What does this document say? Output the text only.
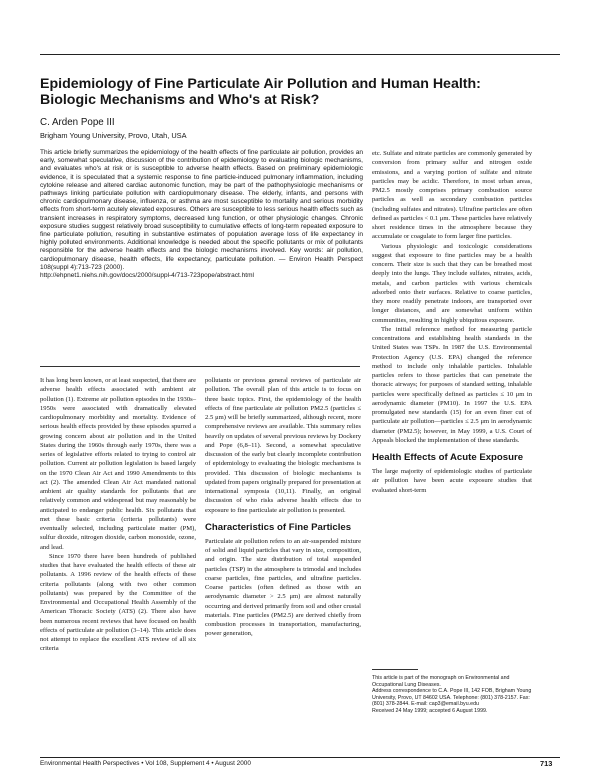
Epidemiology of Fine Particulate Air Pollution and Human Health: Biologic Mechanisms and Who's at Risk?
C. Arden Pope III
Brigham Young University, Provo, Utah, USA

This article briefly summarizes the epidemiology of the health effects of fine particulate air pollution, provides an early, somewhat speculative, discussion of the contribution of epidemiology to evaluating biologic mechanisms, and evaluates who's at risk or is susceptible to adverse health effects. Based on preliminary epidemiologic evidence, it is speculated that a systemic response to fine particle-induced pulmonary inflammation, including cytokine release and altered cardiac autonomic function, may be part of the pathophysiologic mechanisms or pathways linking particulate pollution with cardiopulmonary disease. The elderly, infants, and persons with chronic cardiopulmonary disease, influenza, or asthma are most susceptible to mortality and serious morbidity effects from short-term acutely elevated exposures. Others are susceptible to less serious health effects such as transient increases in respiratory symptoms, decreased lung function, or other physiologic changes. Chronic exposure studies suggest relatively broad susceptibility to cumulative effects of long-term repeated exposure to fine particulate pollution, resulting in substantive estimates of population average loss of life expectancy in highly polluted environments. Additional knowledge is needed about the specific pollutants or mix of pollutants responsible for the adverse health effects and the biologic mechanisms involved. Key words: air pollution, cardiopulmonary disease, health effects, life expectancy, particulate pollution. — Environ Health Perspect 108(suppl 4):713-723 (2000).

http://ehpnet1.niehs.nih.gov/docs/2000/suppl-4/713-723pope/abstract.html

It has long been known, or at least suspected, that there are adverse health effects associated with ambient air pollution (1). Extreme air pollution episodes in the 1930s–1950s were associated with dramatically elevated cardiopulmonary morbidity and mortality. Evidence of serious health effects provided by these episodes spurred a growing concern about air pollution and in the United States during the 1960s through early 1970s, there was a series of legislative efforts related to trying to control air pollution. Current air pollution legislation is based largely on the 1970 Clean Air Act and 1990 Amendments to this act (2). The amended Clean Air Act mandated national ambient air quality standards for pollutants that are relatively common and widespread but may reasonably be anticipated to endanger public health. Six pollutants that met these basic criteria (criteria pollutants) were eventually selected, including particulate matter (PM), sulfur dioxide, nitrogen dioxide, carbon monoxide, ozone, and lead.

Since 1970 there have been hundreds of published studies that have evaluated the health effects of these air pollutants. A 1996 review of the health effects of these criteria pollutants (along with two other common pollutants) was prepared by the Committee of the Environmental and Occupational Health Assembly of the American Thoracic Society (ATS) (2). There also have been numerous recent reviews that have focused on health effects of particulate air pollution (3–14). This article does not attempt to replace the excellent ATS review of all six criteria

pollutants or previous general reviews of particulate air pollution. The overall plan of this article is to focus on three basic topics. First, the epidemiology of the health effects of fine particulate air pollution PM2.5 (particles ≤ 2.5 μm) will be briefly summarized, although recent, more comprehensive reviews are available. This summary relies heavily on updates of several previous reviews by Dockery and Pope (6,8–11). Second, a somewhat speculative discussion of the early but clearly incomplete contribution of epidemiology to evaluating the biologic mechanisms is provided. This discussion of biologic mechanisms is updated from papers originally prepared for presentation at international symposia (10,11). Finally, an original discussion of who risks adverse health effects due to exposure to fine particulate air pollution is presented.

Characteristics of Fine Particles

Particulate air pollution refers to an air-suspended mixture of solid and liquid particles that vary in size, composition, and origin. The size distribution of total suspended particles (TSP) in the atmosphere is trimodal and includes coarse particles, fine particles, and ultrafine particles. Coarse particles (often defined as those with an aerodynamic diameter > 2.5 μm) are almost naturally occurring and derived primarily from soil and other crustal materials. Fine particles (PM2.5) are derived chiefly from combustion processes in transportation, manufacturing, power generation,

etc. Sulfate and nitrate particles are commonly generated by conversion from primary sulfur and nitrogen oxide emissions, and a varying portion of sulfate and nitrate particles may be acidic. Therefore, in most urban areas, PM2.5 mostly comprises primary combustion source particles as well as secondary combustion particles (including sulfates and nitrates). Ultrafine particles are often defined as particles < 0.1 μm. These particles have relatively short residence times in the atmosphere because they accumulate or coagulate to form larger fine particles.

Various physiologic and toxicologic considerations suggest that exposure to fine particles may be a health concern. Their size is such that they can be breathed most deeply into the lungs. They include sulfates, nitrates, acids, metals, and carbon particles with various chemicals adsorbed onto their surfaces. Relative to coarse particles, they more readily penetrate indoors, are transported over longer distances, and are somewhat uniform within communities, resulting in highly ubiquitous exposure.

The initial reference method for measuring particle concentrations and establishing health standards in the United States was TSPs. In 1987 the U.S. Environmental Protection Agency (U.S. EPA) changed the reference method to include only inhalable particles. Inhalable particles refers to those particles that can penetrate the thoracic airways; for purposes of standard setting, inhalable particles were specifically defined as particles ≤ 10 μm in aerodynamic diameter (PM10). In 1997 the U.S. EPA promulgated new standards (15) for an even finer cut of particulate air pollution—particles ≤ 2.5 μm in aerodynamic diameter (PM2.5); however, in May 1999, a U.S. Court of Appeals blocked the implementation of these standards.

Health Effects of Acute Exposure

The large majority of epidemiologic studies of particulate air pollution have been acute exposure studies that evaluated short-term

This article is part of the monograph on Environmental and Occupational Lung Diseases.

Address correspondence to C.A. Pope III, 142 FOB, Brigham Young University, Provo, UT 84602 USA. Telephone: (801) 378-2157. Fax: (801) 378-2844. E-mail: cap3@email.byu.edu

Received 24 May 1999; accepted 6 August 1999.

Environmental Health Perspectives • Vol 108, Supplement 4 • August 2000	713
